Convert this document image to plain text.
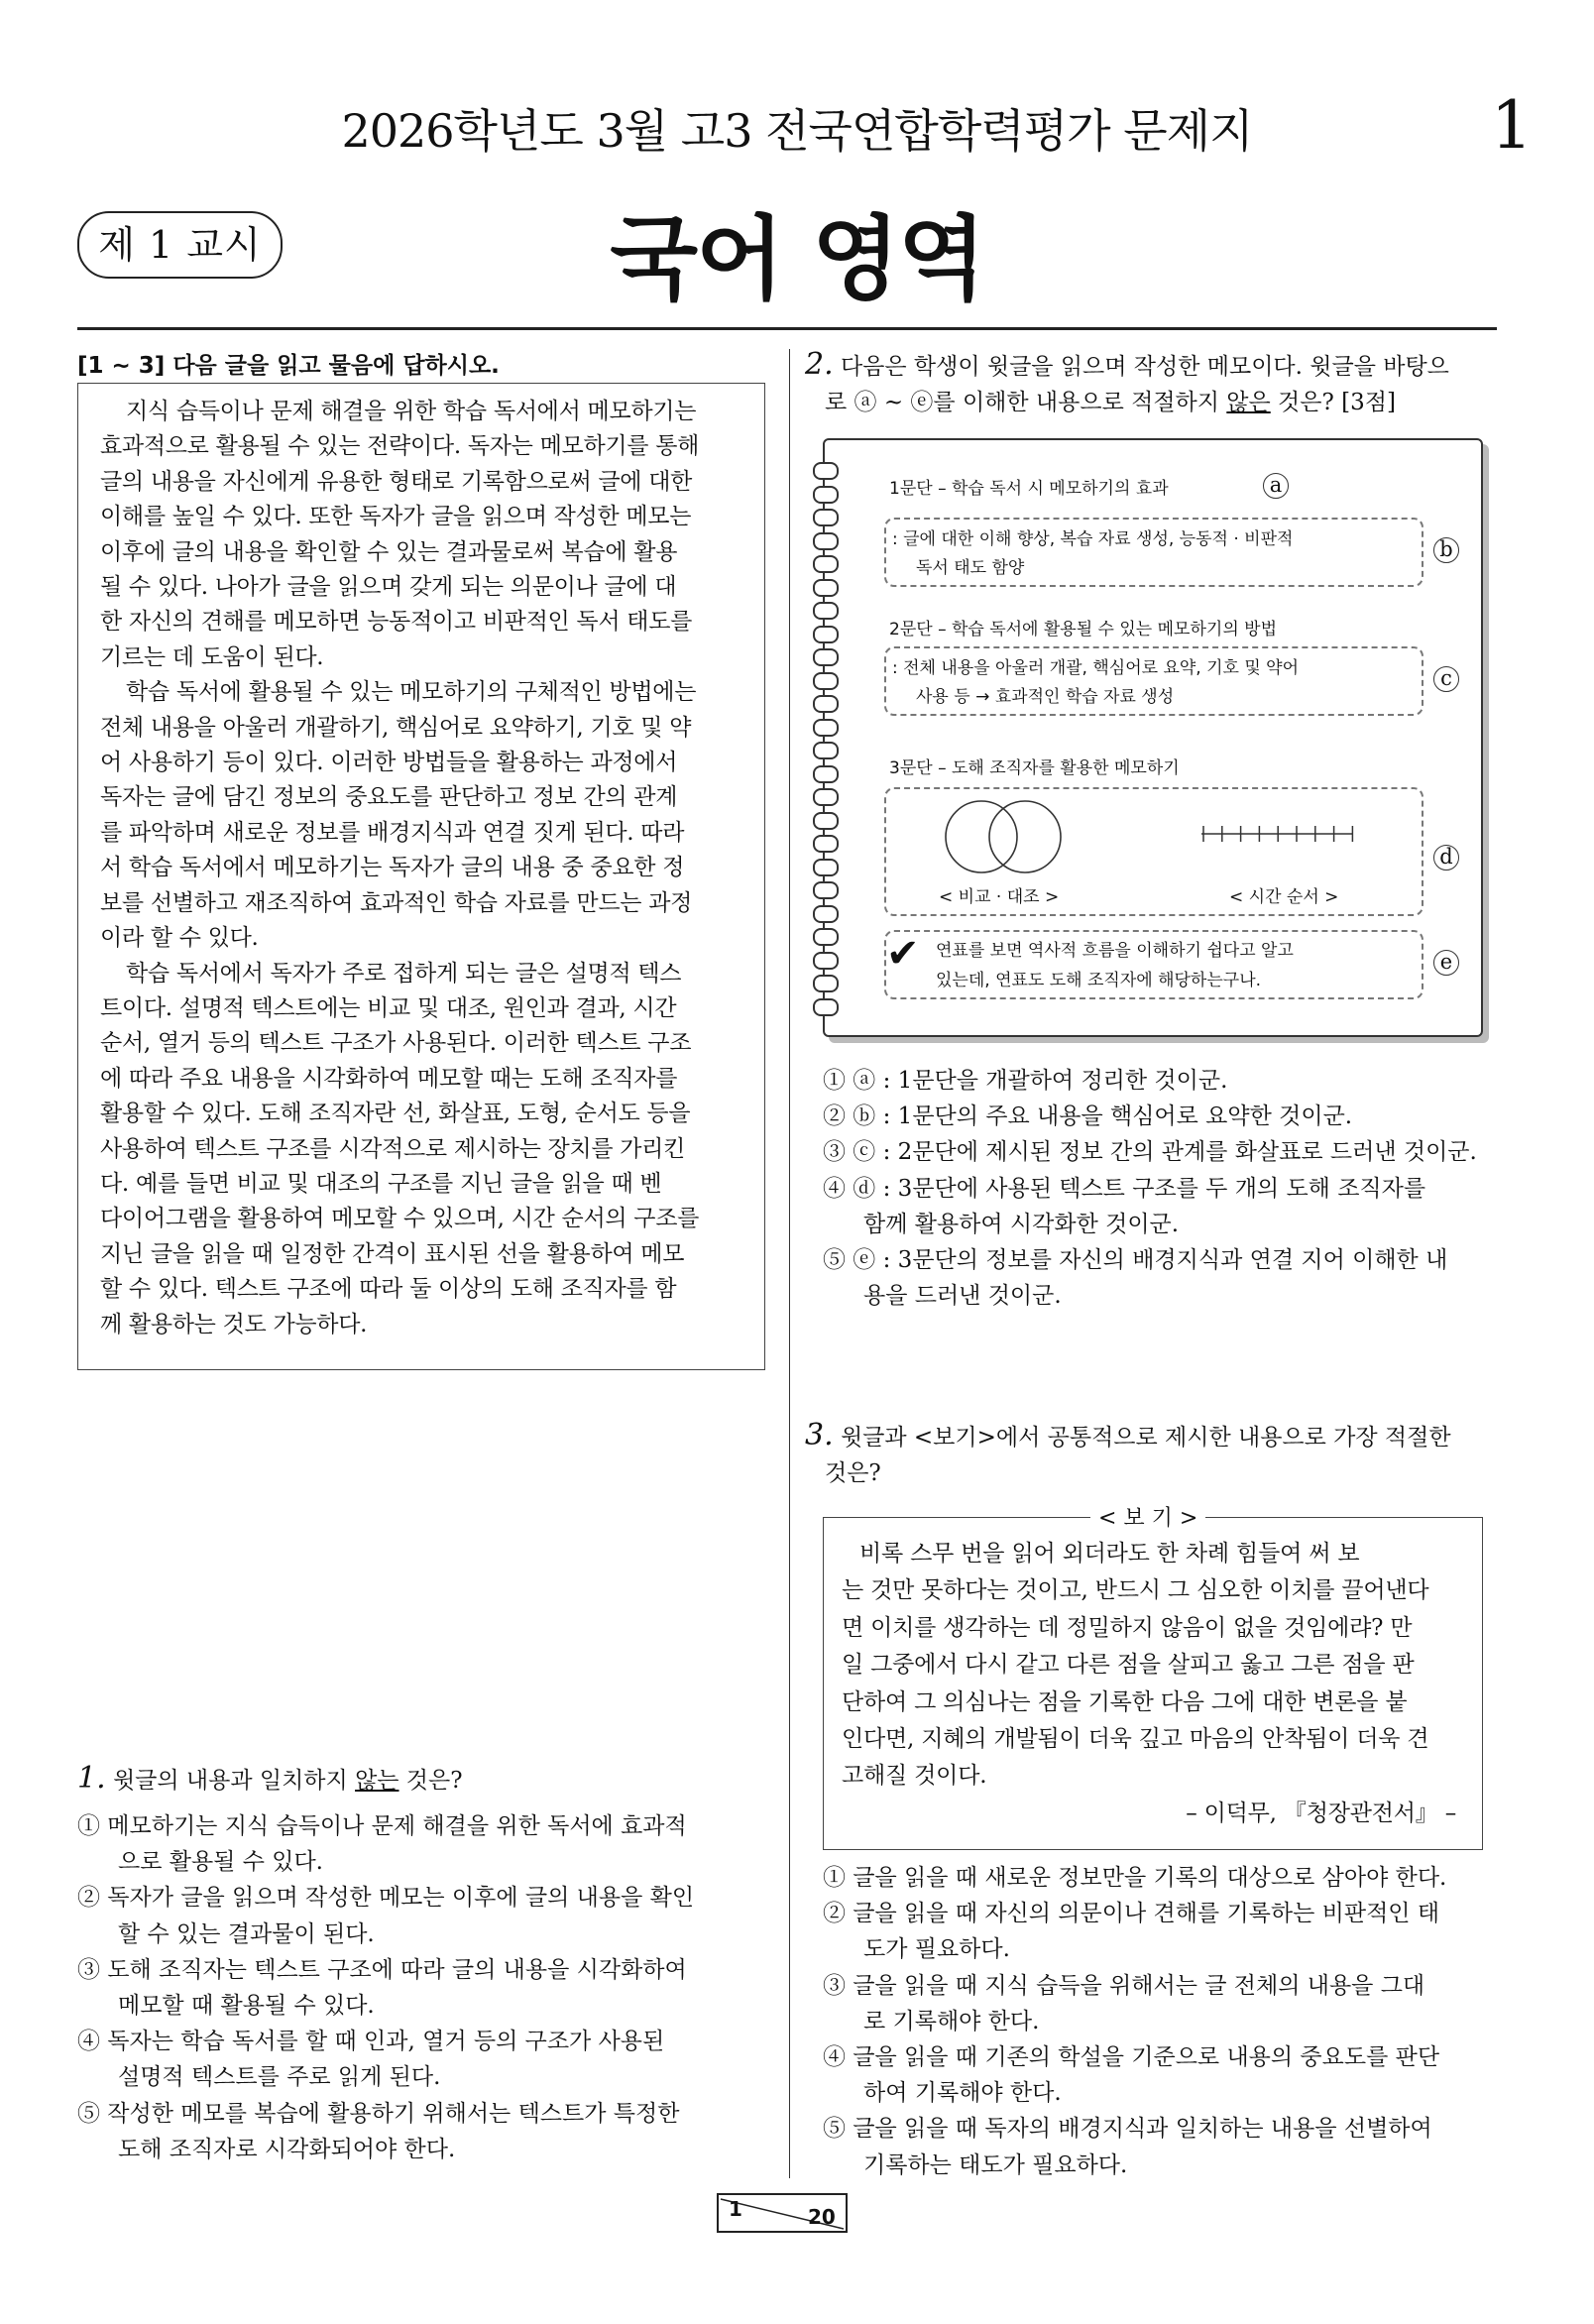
2026학년도 3월 고3 전국연합학력평가 문제지	1
제 1 교시	국어 영역
[1 ~ 3] 다음 글을 읽고 물음에 답하시오.
지식 습득이나 문제 해결을 위한 학습 독서에서 메모하기는
효과적으로 활용될 수 있는 전략이다. 독자는 메모하기를 통해
글의 내용을 자신에게 유용한 형태로 기록함으로써 글에 대한
이해를 높일 수 있다. 또한 독자가 글을 읽으며 작성한 메모는
이후에 글의 내용을 확인할 수 있는 결과물로써 복습에 활용
될 수 있다. 나아가 글을 읽으며 갖게 되는 의문이나 글에 대
한 자신의 견해를 메모하면 능동적이고 비판적인 독서 태도를
기르는 데 도움이 된다.
학습 독서에 활용될 수 있는 메모하기의 구체적인 방법에는
전체 내용을 아울러 개괄하기, 핵심어로 요약하기, 기호 및 약
어 사용하기 등이 있다. 이러한 방법들을 활용하는 과정에서
독자는 글에 담긴 정보의 중요도를 판단하고 정보 간의 관계
를 파악하며 새로운 정보를 배경지식과 연결 짓게 된다. 따라
서 학습 독서에서 메모하기는 독자가 글의 내용 중 중요한 정
보를 선별하고 재조직하여 효과적인 학습 자료를 만드는 과정
이라 할 수 있다.
학습 독서에서 독자가 주로 접하게 되는 글은 설명적 텍스
트이다. 설명적 텍스트에는 비교 및 대조, 원인과 결과, 시간
순서, 열거 등의 텍스트 구조가 사용된다. 이러한 텍스트 구조
에 따라 주요 내용을 시각화하여 메모할 때는 도해 조직자를
활용할 수 있다. 도해 조직자란 선, 화살표, 도형, 순서도 등을
사용하여 텍스트 구조를 시각적으로 제시하는 장치를 가리킨
다. 예를 들면 비교 및 대조의 구조를 지닌 글을 읽을 때 벤
다이어그램을 활용하여 메모할 수 있으며, 시간 순서의 구조를
지닌 글을 읽을 때 일정한 간격이 표시된 선을 활용하여 메모
할 수 있다. 텍스트 구조에 따라 둘 이상의 도해 조직자를 함
께 활용하는 것도 가능하다.
1. 윗글의 내용과 일치하지 않는 것은?
① 메모하기는 지식 습득이나 문제 해결을 위한 독서에 효과적
으로 활용될 수 있다.
② 독자가 글을 읽으며 작성한 메모는 이후에 글의 내용을 확인
할 수 있는 결과물이 된다.
③ 도해 조직자는 텍스트 구조에 따라 글의 내용을 시각화하여
메모할 때 활용될 수 있다.
④ 독자는 학습 독서를 할 때 인과, 열거 등의 구조가 사용된
설명적 텍스트를 주로 읽게 된다.
⑤ 작성한 메모를 복습에 활용하기 위해서는 텍스트가 특정한
도해 조직자로 시각화되어야 한다.
2. 다음은 학생이 윗글을 읽으며 작성한 메모이다. 윗글을 바탕으
로 ⓐ ~ ⓔ를 이해한 내용으로 적절하지 않은 것은? [3점]
1문단 – 학습 독서 시 메모하기의 효과	a
: 글에 대한 이해 향상, 복습 자료 생성, 능동적 · 비판적
독서 태도 함양
b
2문단 – 학습 독서에 활용될 수 있는 메모하기의 방법
: 전체 내용을 아울러 개괄, 핵심어로 요약, 기호 및 약어
사용 등 → 효과적인 학습 자료 생성
c
3문단 – 도해 조직자를 활용한 메모하기
< 비교 · 대조 >	< 시간 순서 >
d
✔ 연표를 보면 역사적 흐름을 이해하기 쉽다고 알고
있는데, 연표도 도해 조직자에 해당하는구나.
e
① ⓐ : 1문단을 개괄하여 정리한 것이군.
② ⓑ : 1문단의 주요 내용을 핵심어로 요약한 것이군.
③ ⓒ : 2문단에 제시된 정보 간의 관계를 화살표로 드러낸 것이군.
④ ⓓ : 3문단에 사용된 텍스트 구조를 두 개의 도해 조직자를
함께 활용하여 시각화한 것이군.
⑤ ⓔ : 3문단의 정보를 자신의 배경지식과 연결 지어 이해한 내
용을 드러낸 것이군.
3. 윗글과 <보기>에서 공통적으로 제시한 내용으로 가장 적절한
것은?
비록 스무 번을 읽어 외더라도 한 차례 힘들여 써 보
는 것만 못하다는 것이고, 반드시 그 심오한 이치를 끌어낸다
면 이치를 생각하는 데 정밀하지 않음이 없을 것임에랴? 만
일 그중에서 다시 같고 다른 점을 살피고 옳고 그른 점을 판
단하여 그 의심나는 점을 기록한 다음 그에 대한 변론을 붙
인다면, 지혜의 개발됨이 더욱 깊고 마음의 안착됨이 더욱 견
고해질 것이다.
– 이덕무, 『청장관전서』 –
< 보 기 >
① 글을 읽을 때 새로운 정보만을 기록의 대상으로 삼아야 한다.
② 글을 읽을 때 자신의 의문이나 견해를 기록하는 비판적인 태
도가 필요하다.
③ 글을 읽을 때 지식 습득을 위해서는 글 전체의 내용을 그대
로 기록해야 한다.
④ 글을 읽을 때 기존의 학설을 기준으로 내용의 중요도를 판단
하여 기록해야 한다.
⑤ 글을 읽을 때 독자의 배경지식과 일치하는 내용을 선별하여
기록하는 태도가 필요하다.
1	20
